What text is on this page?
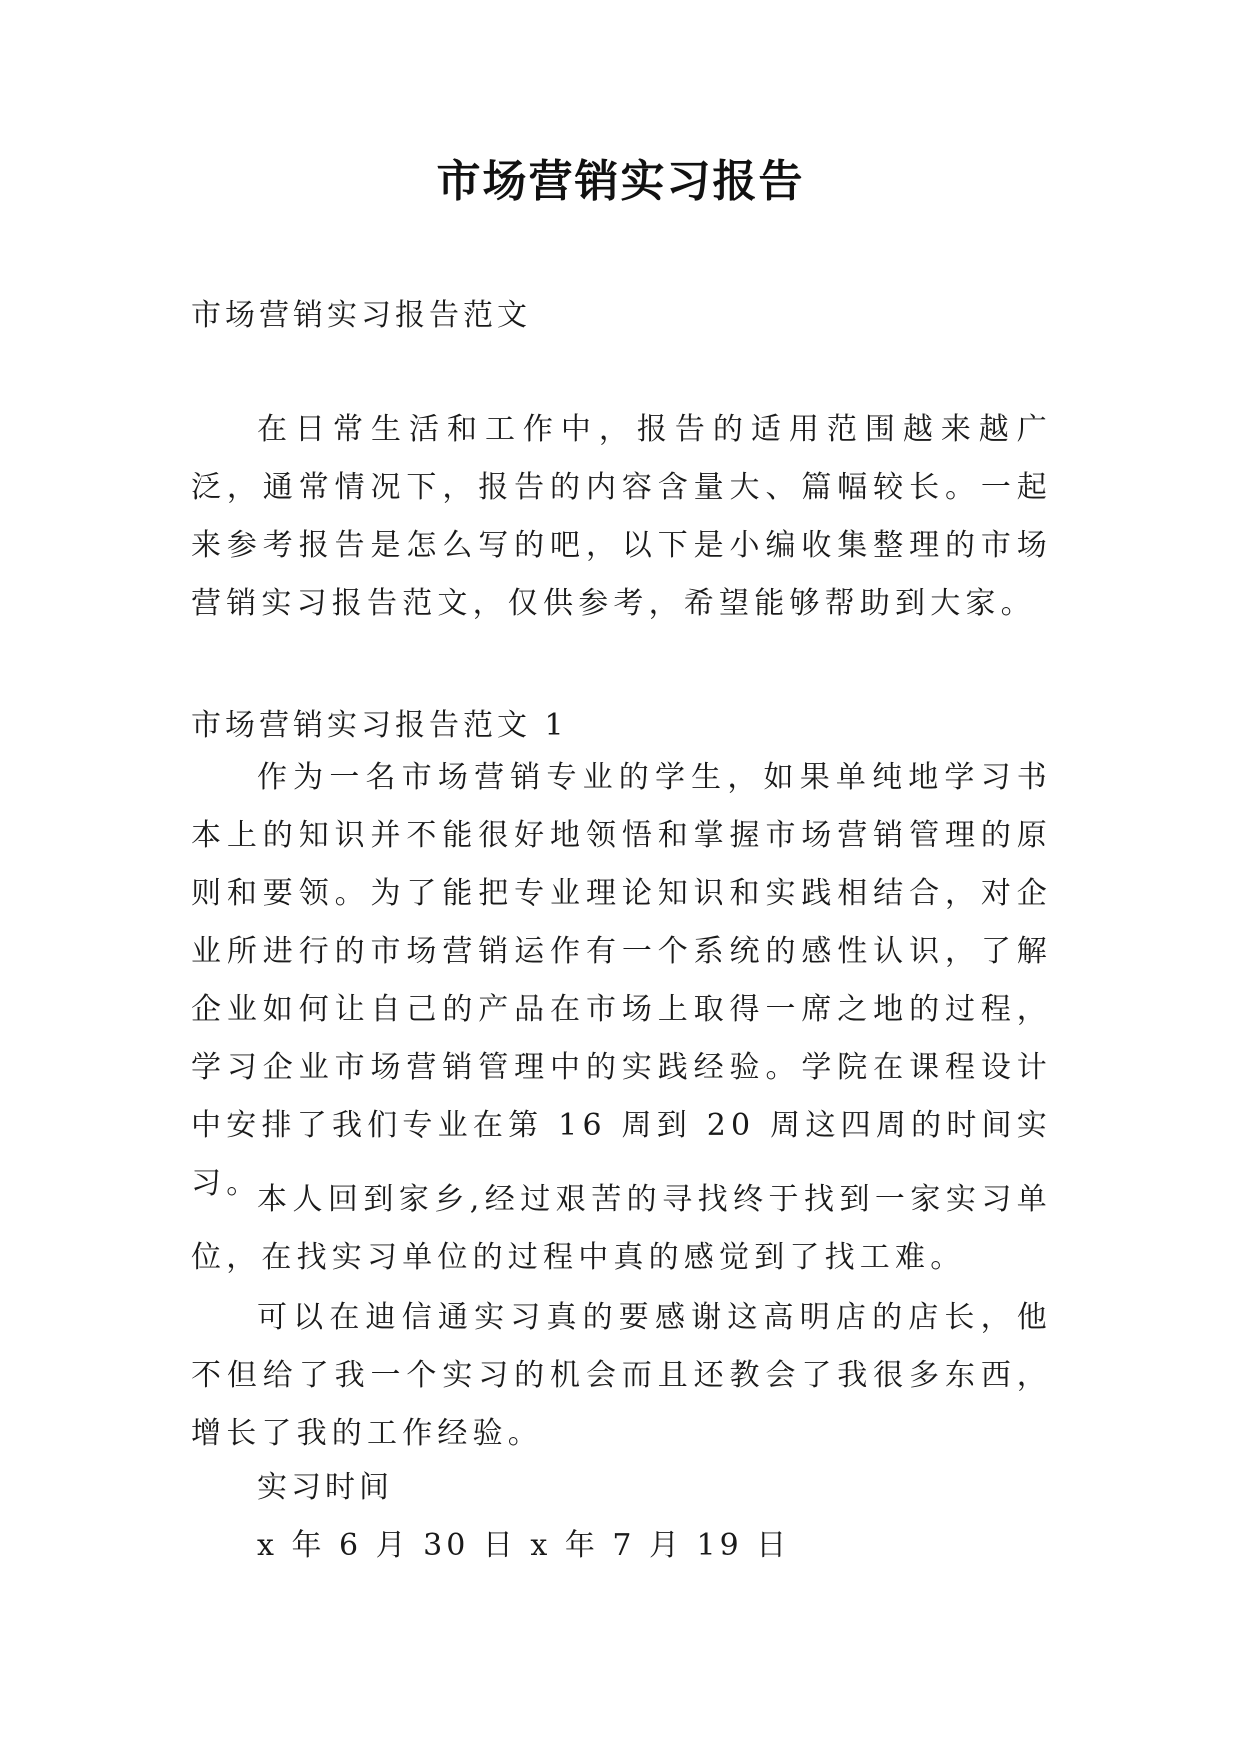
市场营销实习报告
市场营销实习报告范文
在日常生活和工作中，报告的适用范围越来越广泛，通常情况下，报告的内容含量大、篇幅较长。一起来参考报告是怎么写的吧，以下是小编收集整理的市场营销实习报告范文，仅供参考，希望能够帮助到大家。
市场营销实习报告范文 1
作为一名市场营销专业的学生，如果单纯地学习书本上的知识并不能很好地领悟和掌握市场营销管理的原则和要领。为了能把专业理论知识和实践相结合，对企业所进行的市场营销运作有一个系统的感性认识，了解企业如何让自己的产品在市场上取得一席之地的过程，学习企业市场营销管理中的实践经验。学院在课程设计中安排了我们专业在第 16 周到 20 周这四周的时间实习。
本人回到家乡,经过艰苦的寻找终于找到一家实习单位，在找实习单位的过程中真的感觉到了找工难。
可以在迪信通实习真的要感谢这高明店的店长，他不但给了我一个实习的机会而且还教会了我很多东西，增长了我的工作经验。
实习时间
x 年 6 月 30 日 x 年 7 月 19 日
